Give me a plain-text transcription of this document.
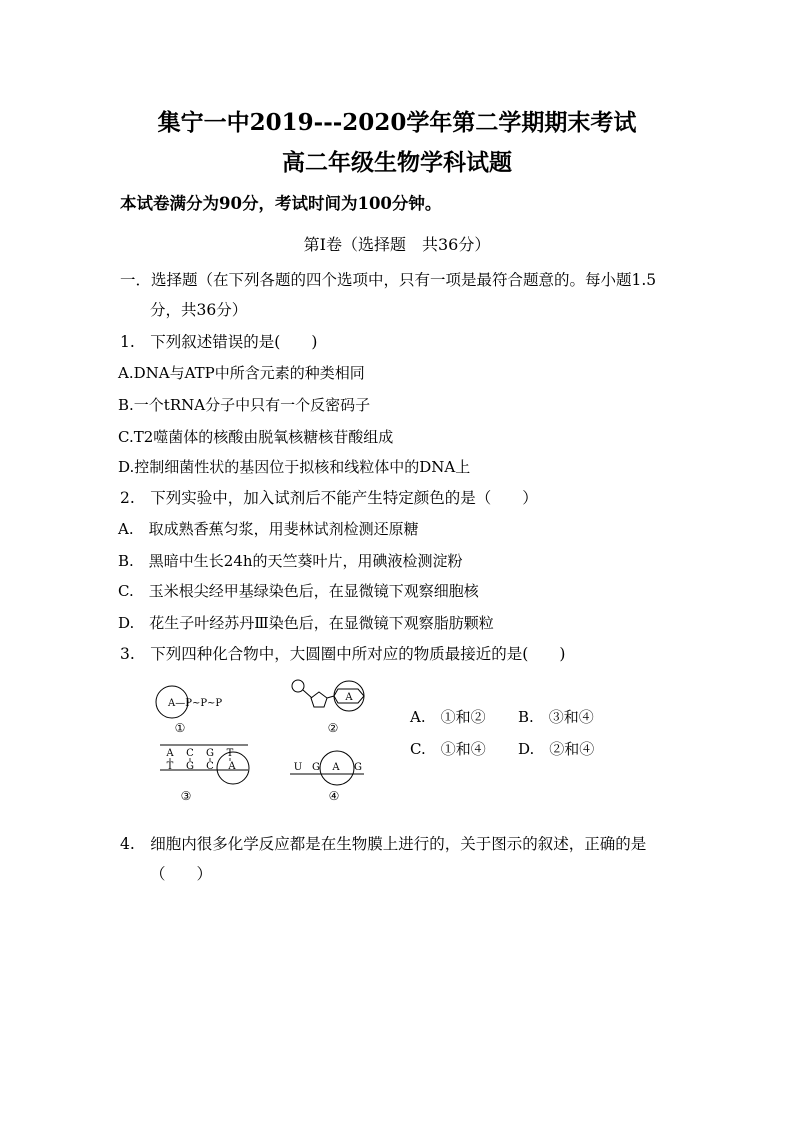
集宁一中2019---2020学年第二学期期末考试
高二年级生物学科试题
本试卷满分为90分，考试时间为100分钟。
第Ⅰ卷（选择题　共36分）
一．选择题（在下列各题的四个选项中，只有一项是最符合题意的。每小题1.5
分，共36分）
1.　下列叙述错误的是(　　)
A.DNA与ATP中所含元素的种类相同
B.一个tRNA分子中只有一个反密码子
C.T2噬菌体的核酸由脱氧核糖核苷酸组成
D.控制细菌性状的基因位于拟核和线粒体中的DNA上
2.　下列实验中，加入试剂后不能产生特定颜色的是（　　）
A.　取成熟香蕉匀浆，用斐林试剂检测还原糖
B.　黑暗中生长24h的天竺葵叶片，用碘液检测淀粉
C.　玉米根尖经甲基绿染色后，在显微镜下观察细胞核
D.　花生子叶经苏丹Ⅲ染色后，在显微镜下观察脂肪颗粒
3.　下列四种化合物中，大圆圈中所对应的物质最接近的是(　　)
A—P~P~P
①
A
②
A C G T
T G C A
③
U G A G
④
A.　①和② B.　③和④
C.　①和④ D.　②和④
4.　细胞内很多化学反应都是在生物膜上进行的，关于图示的叙述，正确的是
（　　）
